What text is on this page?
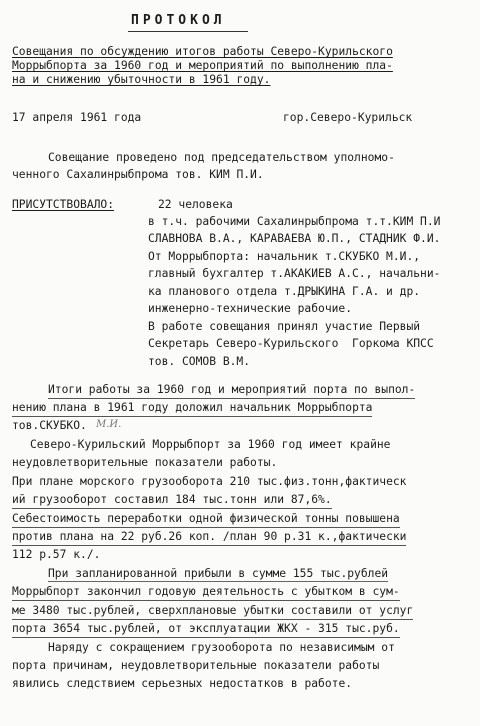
ПРОТОКОЛ
Совещания по обсуждению итогов работы Северо-Курильского
Моррыбпорта за 1960 год и мероприятий по выполнению пла-
на и снижению убыточности в 1961 году.
17 апреля 1961 года	гор.Северо-Курильск
Совещание проведено под председательством уполномо-
ченного Сахалинрыбпрома тов. КИМ П.И.
ПРИСУТСТВОВАЛО:	22 человека
в т.ч. рабочими Сахалинрыбпрома т.т.КИМ П.И
СЛАВНОВА В.А., КАРАВАЕВА Ю.П., СТАДНИК Ф.И.
От Моррыбпорта: начальник т.СКУБКО М.И.,
главный бухгалтер т.АКАКИЕВ А.С., начальни-
ка планового отдела т.ДРЫКИНА Г.А. и др.
инженерно-технические рабочие.
В работе совещания принял участие Первый
Секретарь Северо-Курильского  Горкома КПСС
тов. СОМОВ В.М.
Итоги работы за 1960 год и мероприятий порта по выпол-
нению плана в 1961 году доложил начальник Моррыбпорта
тов.СКУБКО. М.И.
Северо-Курильский Моррыбпорт за 1960 год имеет крайне
неудовлетворительные показатели работы.
При плане морского грузооборота 210 тыс.физ.тонн,фактическ
ий грузооборот составил 184 тыс.тонн или 87,6%.
Себестоимость переработки одной физической тонны повышена
против плана на 22 руб.26 коп. /план 90 р.31 к.,фактически
112 р.57 к./.
При запланированной прибыли в сумме 155 тыс.рублей
Моррыбпорт закончил годовую деятельность с убытком в сум-
ме 3480 тыс.рублей, сверхплановые убытки составили от услуг
порта 3654 тыс.рублей, от эксплуатации ЖКХ - 315 тыс.руб.
Наряду с сокращением грузооборота по независимым от
порта причинам, неудовлетворительные показатели работы
явились следствием серьезных недостатков в работе.
